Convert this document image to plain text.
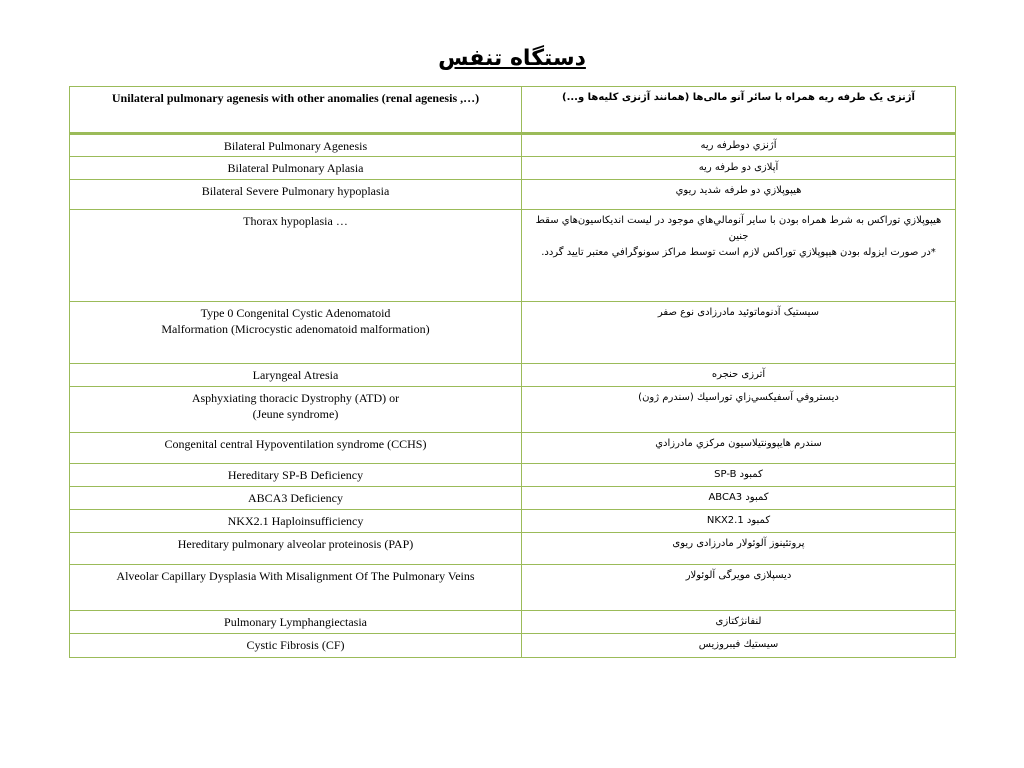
دستگاه تنفس
Unilateral pulmonary agenesis with other anomalies (renal agenesis ,…)	آژنزی یک طرفه ریه همراه با سائر آنو مالی‌ها (همانند آژنزی کلیه‌ها و...)

Bilateral Pulmonary Agenesis	آژنزي دوطرفه ريه

Bilateral Pulmonary Aplasia	آپلازی دو طرفه ریه

Bilateral Severe Pulmonary hypoplasia	هيپوپلازي دو طرفه شديد ريوي

Thorax hypoplasia …	هيپوپلازي توراكس به شرط همراه بودن با ساير آنومالي‌هاي موجود در ليست انديكاسيون‌هاي سقط جنين
*در صورت ايزوله بودن هيپوپلازي توراكس لازم است توسط مراكز سونوگرافي معتبر تاييد گردد.

Type 0 Congenital Cystic Adenomatoid
Malformation (Microcystic adenomatoid malformation)	سیستیک آدنوماتوئید مادرزادی نوع صفر

Laryngeal Atresia	آترزی حنجره

Asphyxiating thoracic Dystrophy (ATD) or
(Jeune syndrome)	ديستروفي آسفيكسي‌زاي توراسيك (سندرم ژون)

Congenital central Hypoventilation syndrome (CCHS)	سندرم هايپوونتيلاسيون مركزي مادرزادي

Hereditary SP-B Deficiency	کمبود SP-B

ABCA3 Deficiency	کمبود ABCA3

NKX2.1 Haploinsufficiency	کمبود NKX2.1

Hereditary pulmonary alveolar proteinosis (PAP)	پروتئینوز آلوئولار مادرزادی ریوی

Alveolar Capillary Dysplasia With Misalignment Of The Pulmonary Veins	دیسپلازی مویرگی آلوئولار

Pulmonary Lymphangiectasia	لنفانژکتازی

Cystic Fibrosis (CF)	سیستیك فيبروزيس
